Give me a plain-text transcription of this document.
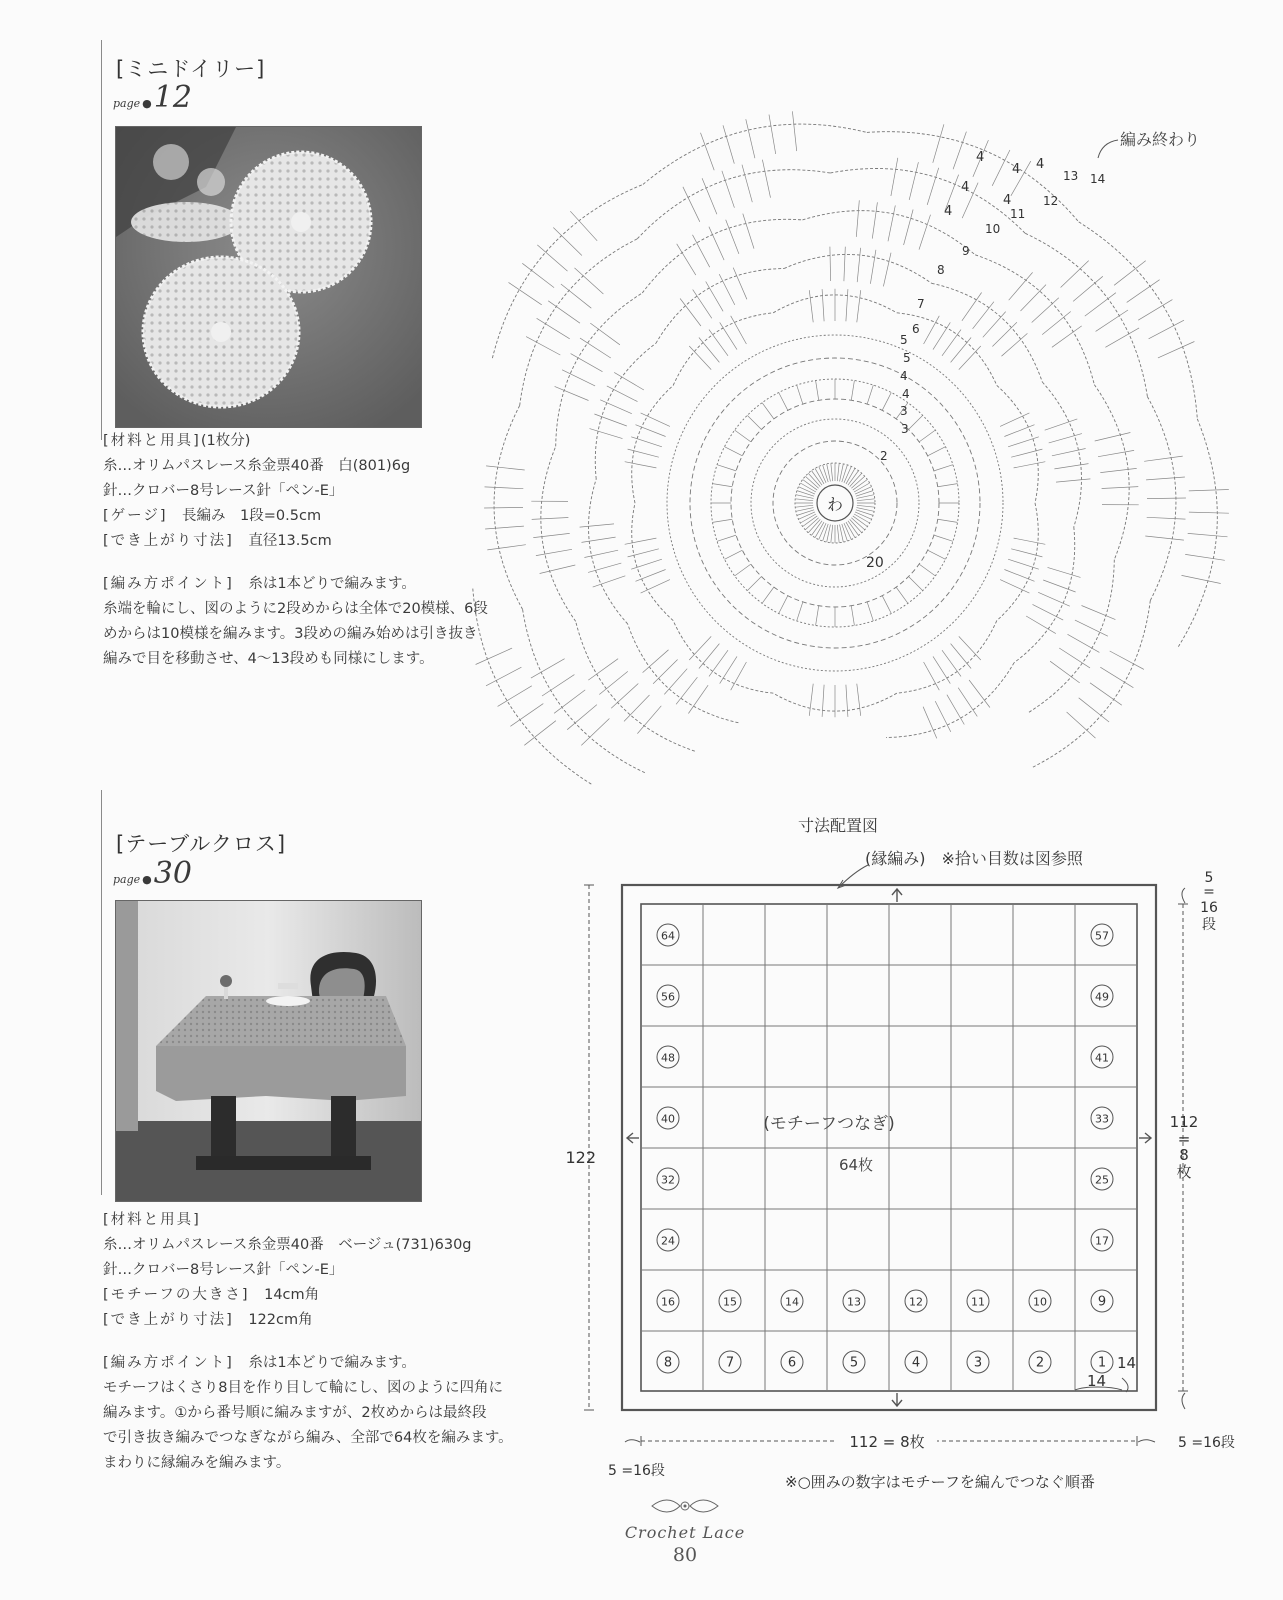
[ミニドイリー]
page ●12

[材料と用具](1枚分)

糸…オリムパスレース糸金票40番　白(801)6g

針…クロバー8号レース針「ペン-E」

[ゲージ]　 長編み　1段=0.5cm

[でき上がり寸法]　 直径13.5cm

[編み方ポイント]　 糸は1本どりで編みます。

糸端を輪にし、図のように2段めからは全体で20模様、6段

めからは10模様を編みます。3段めの編み始めは引き抜き

編みで目を移動させ、4～13段めも同様にします。

編み終わり
わ
2
3
3
4
4
5
5
6
7
8
9
10
11
12
13 14
20
4
4
4 4
4
4
[テーブルクロス]
page ●30

[材料と用具]

糸…オリムパスレース糸金票40番　ベージュ(731)630g

針…クロバー8号レース針「ペン-E」

[モチーフの大きさ]　 14cm角

[でき上がり寸法]　 122cm角

[編み方ポイント]　 糸は1本どりで編みます。

モチーフはくさり8目を作り目して輪にし、図のように四角に

編みます。①から番号順に編みますが、2枚めからは最終段

で引き抜き編みでつなぎながら編み、全部で64枚を編みます。

まわりに縁編みを編みます。

寸法配置図
(縁編み)　 ※拾い目数は図参照
64	57
56	49
48	41
40	33
32	25
24	17
16	15	14	13	12	11	10	9
8	7	6	5	4	3	2	1
122
112
=
8
枚
5
=
16
段
112 = 8枚
5 =16段
5 =16段
14
14
(モチーフつなぎ)
64枚
※○囲みの数字はモチーフを編んでつなぐ順番
Crochet Lace
80
